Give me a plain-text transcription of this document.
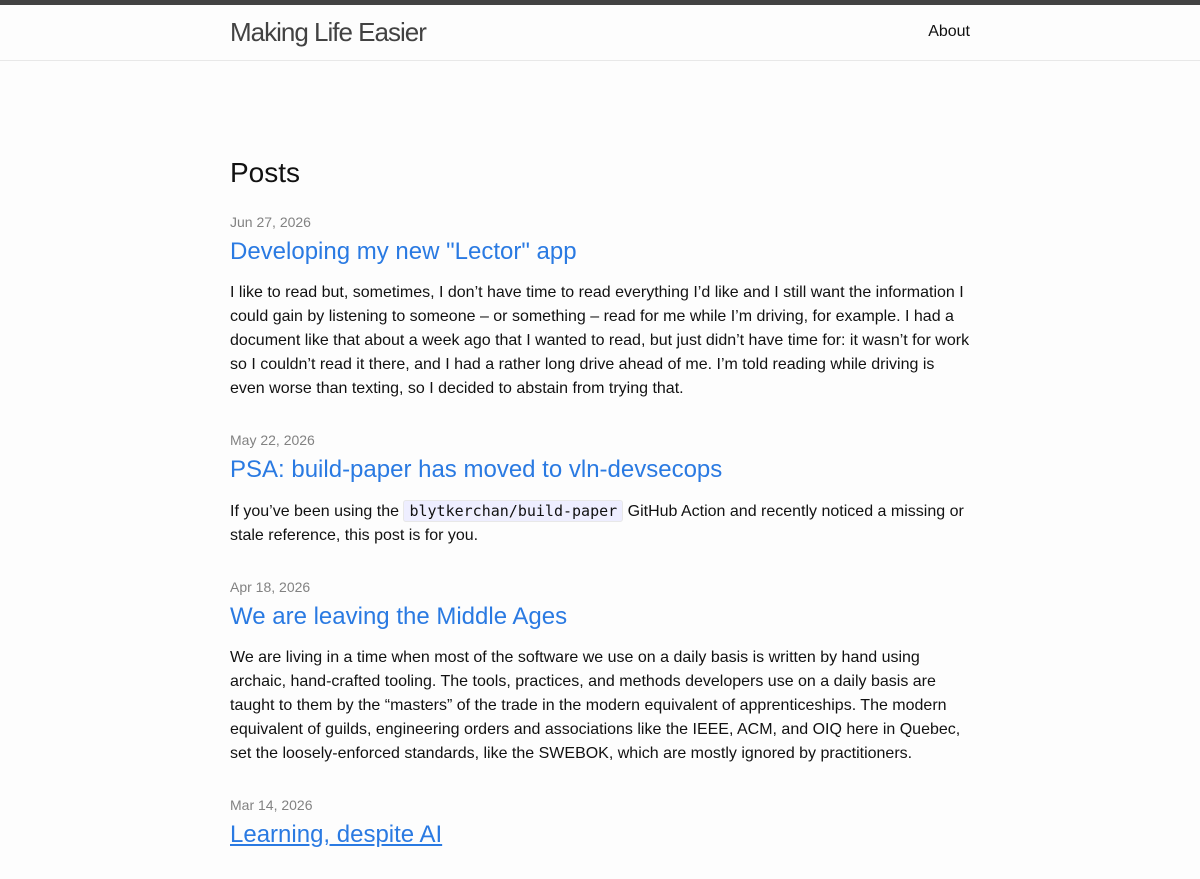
Making Life Easier	About
Posts
Jun 27, 2026
Developing my new "Lector" app

I like to read but, sometimes, I don’t have time to read everything I’d like and I still want the information I could gain by listening to someone – or something – read for me while I’m driving, for example. I had a document like that about a week ago that I wanted to read, but just didn’t have time for: it wasn’t for work so I couldn’t read it there, and I had a rather long drive ahead of me. I’m told reading while driving is even worse than texting, so I decided to abstain from trying that.

May 22, 2026
PSA: build-paper has moved to vln-devsecops

If you’ve been using the blytkerchan/build-paper GitHub Action and recently noticed a missing or stale reference, this post is for you.

Apr 18, 2026
We are leaving the Middle Ages

We are living in a time when most of the software we use on a daily basis is written by hand using archaic, hand-crafted tooling. The tools, practices, and methods developers use on a daily basis are taught to them by the “masters” of the trade in the modern equivalent of apprenticeships. The modern equivalent of guilds, engineering orders and associations like the IEEE, ACM, and OIQ here in Quebec, set the loosely-enforced standards, like the SWEBOK, which are mostly ignored by practitioners.

Mar 14, 2026
Learning, despite AI
